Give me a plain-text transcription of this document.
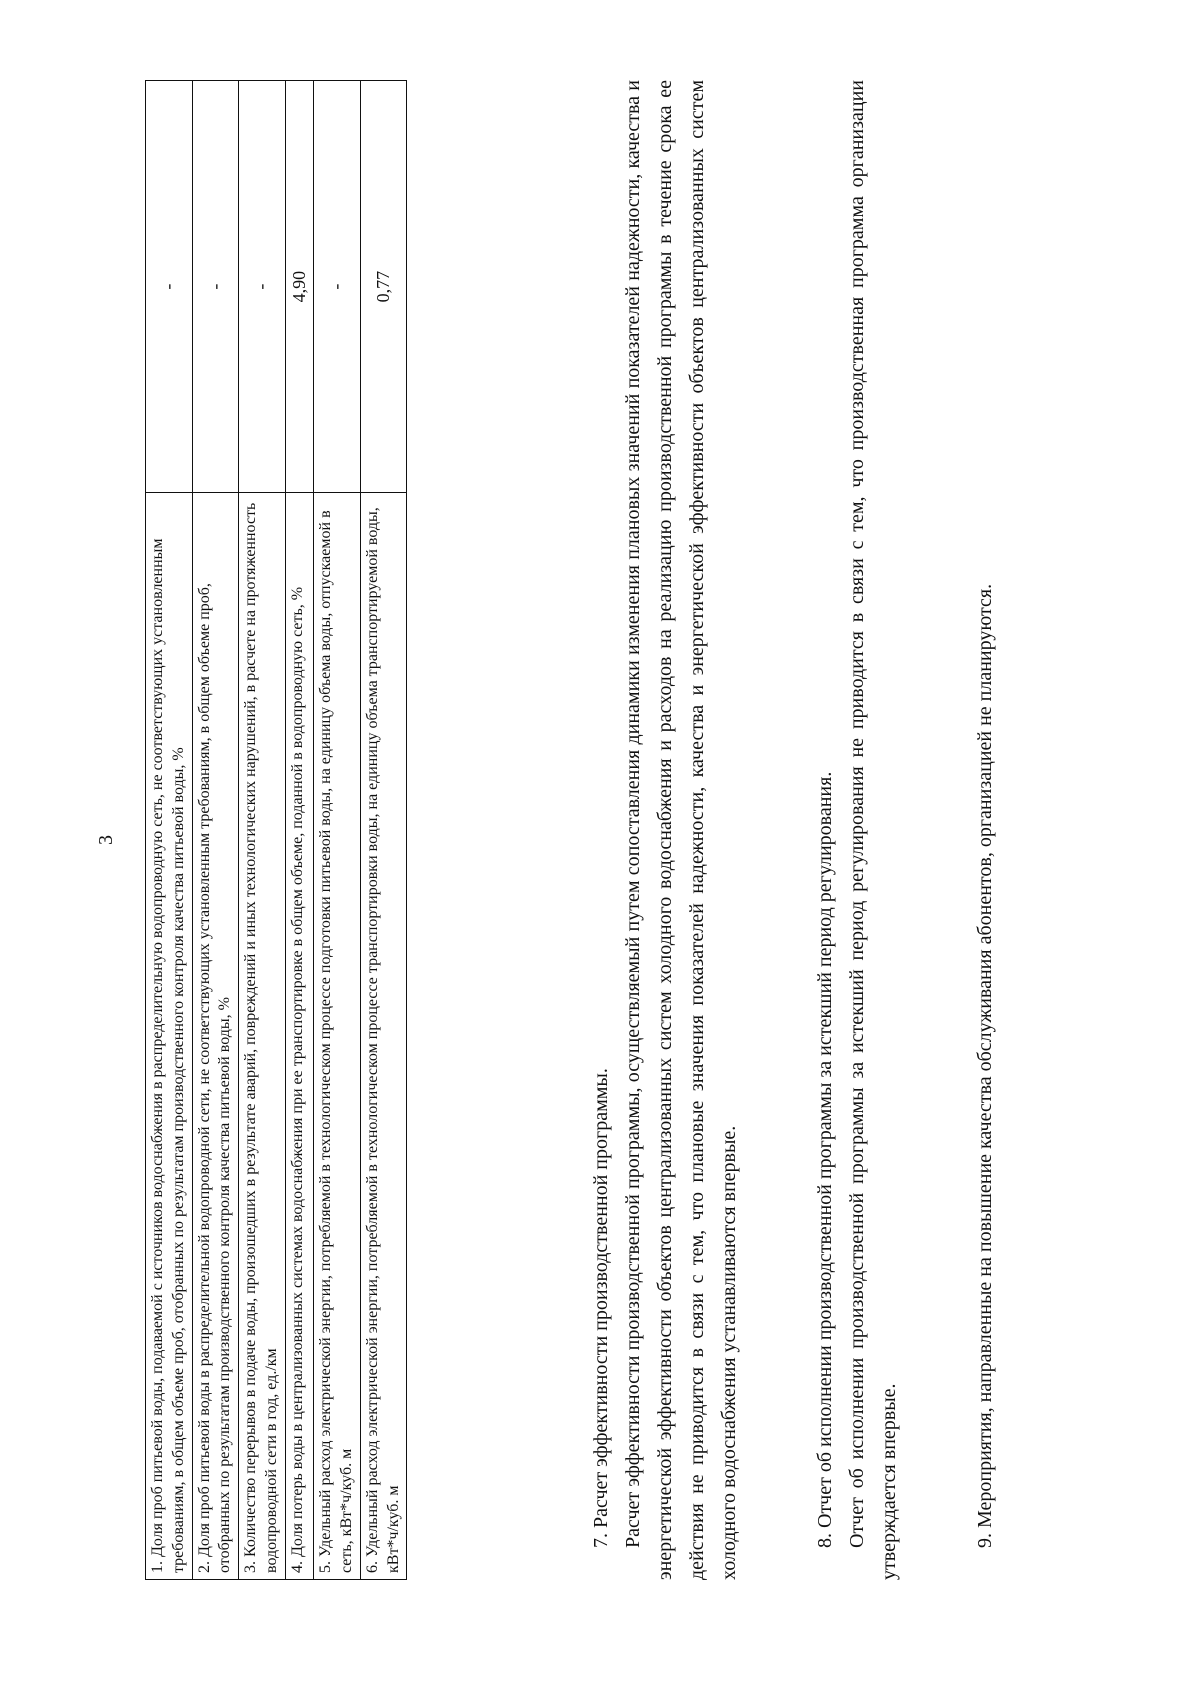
3 1. Доля проб питьевой воды, подаваемой с источников водоснабжения в распределительную водопроводную сеть, не соответствующих установленным требованиям, в общем объеме проб, отобранных по результатам производственного контроля качества питьевой воды, %	-
2. Доля проб питьевой воды в распределительной водопроводной сети, не соответствующих установленным требованиям, в общем объеме проб, отобранных по результатам производственного контроля качества питьевой воды, %	-
3. Количество перерывов в подаче воды, произошедших в результате аварий, повреждений и иных технологических нарушений, в расчете на протяженность водопроводной сети в год, ед./км	-
4. Доля потерь воды в централизованных системах водоснабжения при ее транспортировке в общем объеме, поданной в водопроводную сеть, %	4,90
5. Удельный расход электрической энергии, потребляемой в технологическом процессе подготовки питьевой воды, на единицу объема воды, отпускаемой в сеть, кВт*ч/куб. м	-
6. Удельный расход электрической энергии, потребляемой в технологическом процессе транспортировки воды, на единицу объема транспортируемой воды, кВт*ч/куб. м	0,77

7. Расчет эффективности производственной программы. Расчет эффективности производственной программы, осуществляемый путем сопоставления динамики изменения плановых значений показателей надежности, качества и энергетической эффективности объектов централизованных систем холодного водоснабжения и расходов на реализацию производственной программы в течение срока ее действия не приводится в связи с тем, что плановые значения показателей надежности, качества и энергетической эффективности объектов централизованных систем холодного водоснабжения устанавливаются впервые.	8. Отчет об исполнении производственной программы за истекший период регулирования. Отчет об исполнении производственной программы за истекший период регулирования не приводится в связи с тем, что производственная программа организации утверждается впервые.	9. Мероприятия, направленные на повышение качества обслуживания абонентов, организацией не планируются.
